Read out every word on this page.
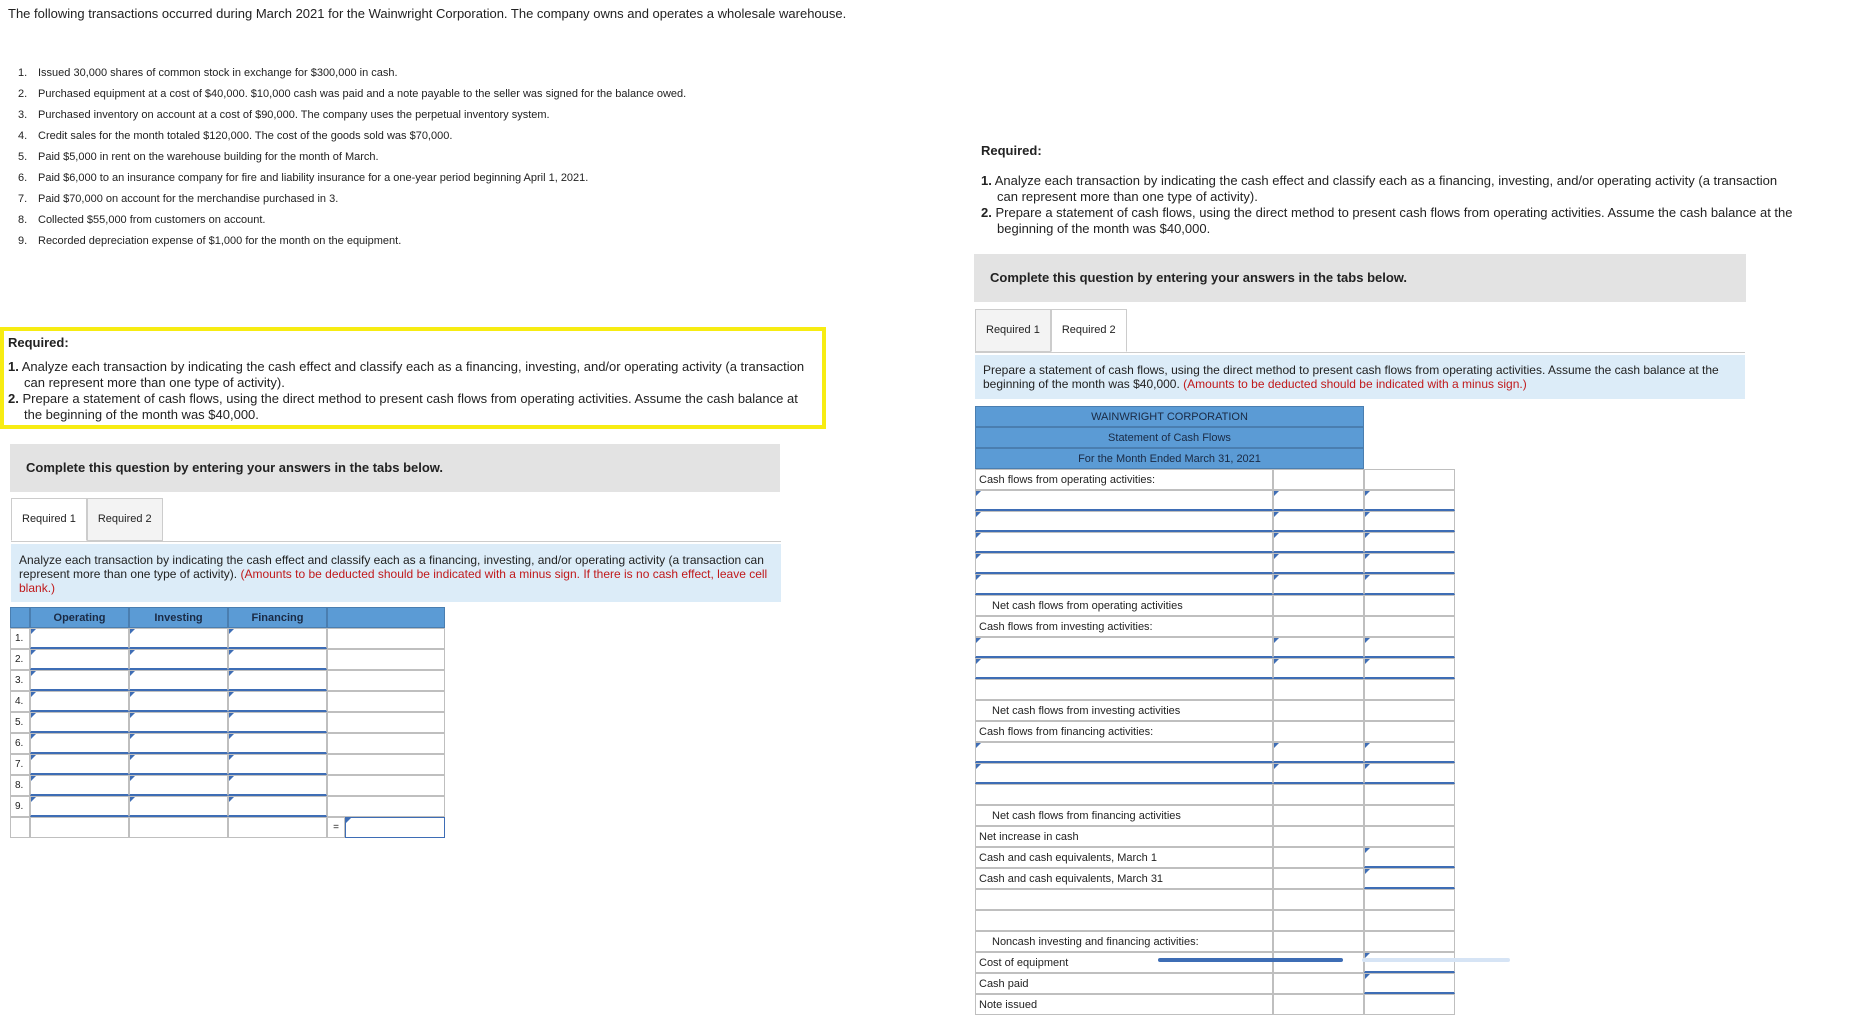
The following transactions occurred during March 2021 for the Wainwright Corporation. The company owns and operates a wholesale warehouse.
1. Issued 30,000 shares of common stock in exchange for $300,000 in cash.
2. Purchased equipment at a cost of $40,000. $10,000 cash was paid and a note payable to the seller was signed for the balance owed.
3. Purchased inventory on account at a cost of $90,000. The company uses the perpetual inventory system.
4. Credit sales for the month totaled $120,000. The cost of the goods sold was $70,000.
5. Paid $5,000 in rent on the warehouse building for the month of March.
6. Paid $6,000 to an insurance company for fire and liability insurance for a one-year period beginning April 1, 2021.
7. Paid $70,000 on account for the merchandise purchased in 3.
8. Collected $55,000 from customers on account.
9. Recorded depreciation expense of $1,000 for the month on the equipment.
Required:
1. Analyze each transaction by indicating the cash effect and classify each as a financing, investing, and/or operating activity (a transaction can represent more than one type of activity).
2. Prepare a statement of cash flows, using the direct method to present cash flows from operating activities. Assume the cash balance at the beginning of the month was $40,000.
Required:
1. Analyze each transaction by indicating the cash effect and classify each as a financing, investing, and/or operating activity (a transaction can represent more than one type of activity).
2. Prepare a statement of cash flows, using the direct method to present cash flows from operating activities. Assume the cash balance at the beginning of the month was $40,000.
Complete this question by entering your answers in the tabs below.
Complete this question by entering your answers in the tabs below.
Required 1	Required 2
Required 1	Required 2
Analyze each transaction by indicating the cash effect and classify each as a financing, investing, and/or operating activity (a transaction can represent more than one type of activity). (Amounts to be deducted should be indicated with a minus sign. If there is no cash effect, leave cell blank.)
Prepare a statement of cash flows, using the direct method to present cash flows from operating activities. Assume the cash balance at the beginning of the month was $40,000. (Amounts to be deducted should be indicated with a minus sign.)
Operating	Investing	Financing
1.
2.
3.
4.
5.
6.
7.
8.
9.
=
WAINWRIGHT CORPORATION
Statement of Cash Flows
For the Month Ended March 31, 2021
Cash flows from operating activities:
Net cash flows from operating activities
Cash flows from investing activities:
Net cash flows from investing activities
Cash flows from financing activities:
Net cash flows from financing activities
Net increase in cash
Cash and cash equivalents, March 1
Cash and cash equivalents, March 31
Noncash investing and financing activities:
Cost of equipment
Cash paid
Note issued
